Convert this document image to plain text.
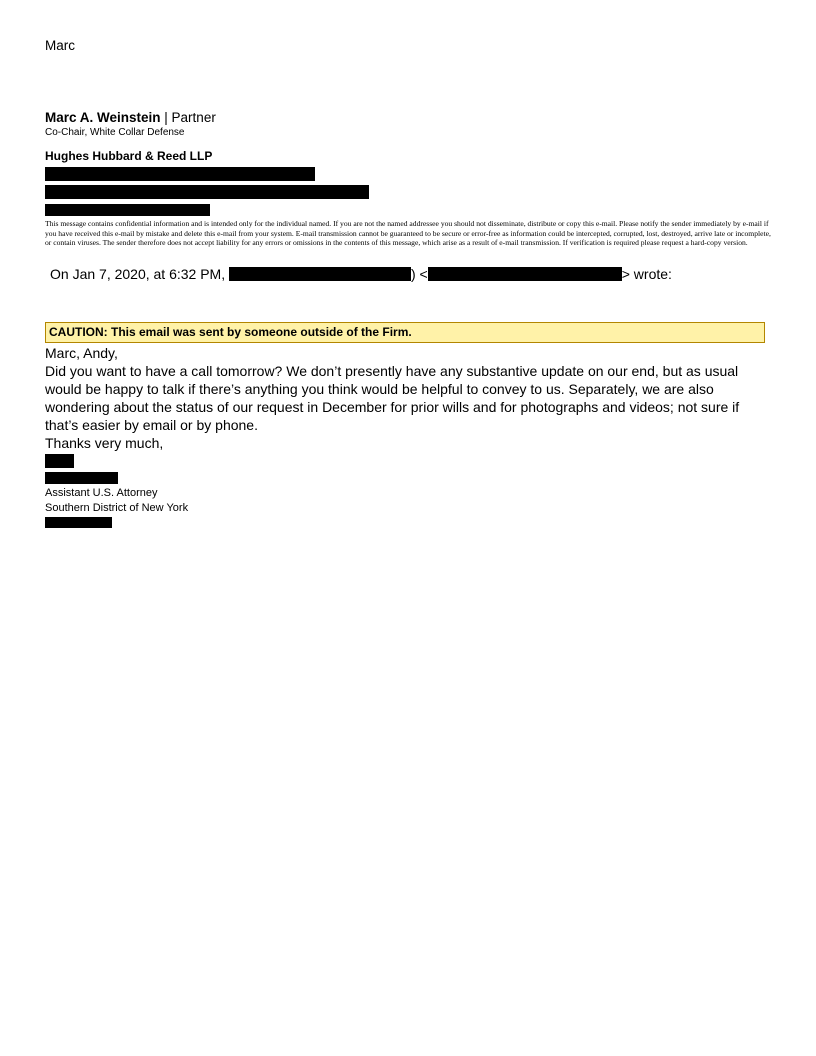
Marc
Marc A. Weinstein | Partner
Co-Chair, White Collar Defense
Hughes Hubbard & Reed LLP
This message contains confidential information and is intended only for the individual named. If you are not the named addressee you should not disseminate, distribute or copy this e-mail. Please notify the sender immediately by e-mail if you have received this e-mail by mistake and delete this e-mail from your system. E-mail transmission cannot be guaranteed to be secure or error-free as information could be intercepted, corrupted, lost, destroyed, arrive late or incomplete, or contain viruses. The sender therefore does not accept liability for any errors or omissions in the contents of this message, which arise as a result of e-mail transmission. If verification is required please request a hard-copy version.
On Jan 7, 2020, at 6:32 PM,	) <	> wrote:
CAUTION: This email was sent by someone outside of the Firm.
Marc, Andy,
Did you want to have a call tomorrow? We don’t presently have any substantive update on our end, but as usual would be happy to talk if there’s anything you think would be helpful to convey to us. Separately, we are also wondering about the status of our request in December for prior wills and for photographs and videos; not sure if that’s easier by email or by phone.
Thanks very much,
Assistant U.S. Attorney
Southern District of New York
